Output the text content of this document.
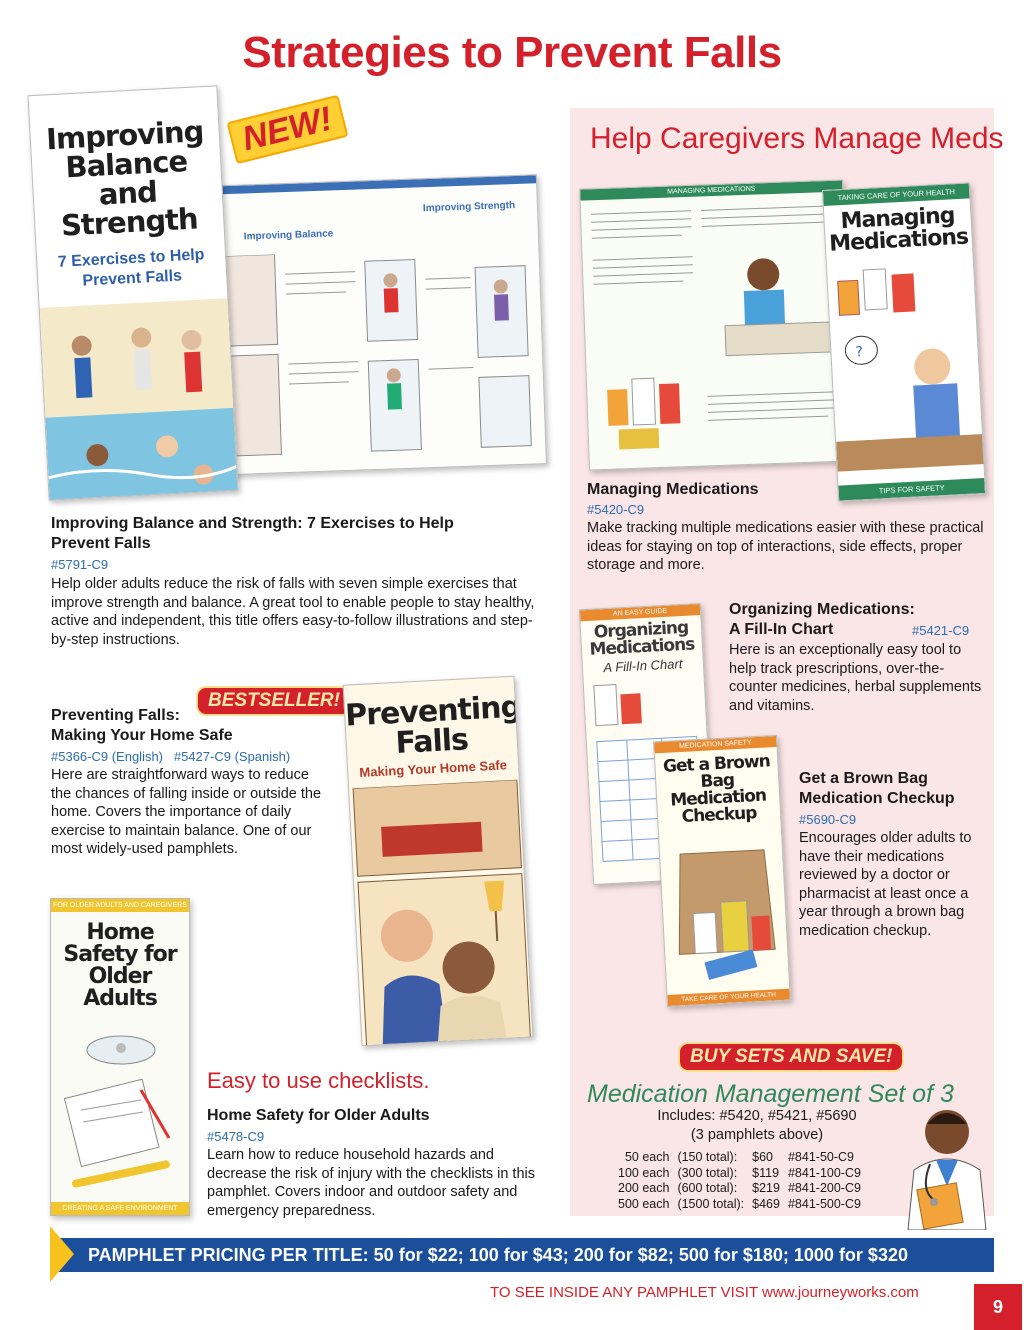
Strategies to Prevent Falls
Help Caregivers Manage Meds
Improving Balance
Improving Strength
Improving Balance and Strength
7 Exercises to Help Prevent Falls
NEW!
Improving Balance and Strength: 7 Exercises to Help
Prevent Falls
#5791-C9
Help older adults reduce the risk of falls with seven simple exercises that improve strength and balance. A great tool to enable people to stay healthy, active and independent, this title offers easy-to-follow illustrations and step-by-step instructions.
BESTSELLER!
Preventing Falls:
Making Your Home Safe
#5366-C9 (English) #5427-C9 (Spanish)
Here are straightforward ways to reduce the chances of falling inside or outside the home. Covers the importance of daily exercise to maintain balance. One of our most widely-used pamphlets.
Preventing Falls
Making Your Home Safe
FOR OLDER ADULTS AND CAREGIVERS
Home Safety for Older Adults
CREATING A SAFE ENVIRONMENT
Easy to use checklists.
Home Safety for Older Adults
#5478-C9
Learn how to reduce household hazards and decrease the risk of injury with the checklists in this pamphlet. Covers indoor and outdoor safety and emergency preparedness.
MANAGING MEDICATIONS	TAKING CARE OF YOUR HEALTH
Managing Medications
?
TIPS FOR SAFETY
Managing Medications
#5420-C9
Make tracking multiple medications easier with these practical ideas for staying on top of interactions, side effects, proper storage and more.
AN EASY GUIDE
Organizing Medications
A Fill-In Chart
Organizing Medications:
A Fill-In Chart	#5421-C9
Here is an exceptionally easy tool to help track prescriptions, over-the-counter medicines, herbal supplements and vitamins.
MEDICATION SAFETY
Get a Brown Bag Medication Checkup
TAKE CARE OF YOUR HEALTH
Get a Brown Bag
Medication Checkup
#5690-C9
Encourages older adults to have their medications reviewed by a doctor or pharmacist at least once a year through a brown bag medication checkup.
BUY SETS AND SAVE!
Medication Management Set of 3
Includes: #5420, #5421, #5690
(3 pamphlets above)
50 each	(150 total):	$60	#841-50-C9
100 each	(300 total):	$119	#841-100-C9
200 each	(600 total):	$219	#841-200-C9
500 each	(1500 total):	$469	#841-500-C9
PAMPHLET PRICING PER TITLE: 50 for $22; 100 for $43; 200 for $82; 500 for $180; 1000 for $320
TO SEE INSIDE ANY PAMPHLET VISIT www.journeyworks.com
9
